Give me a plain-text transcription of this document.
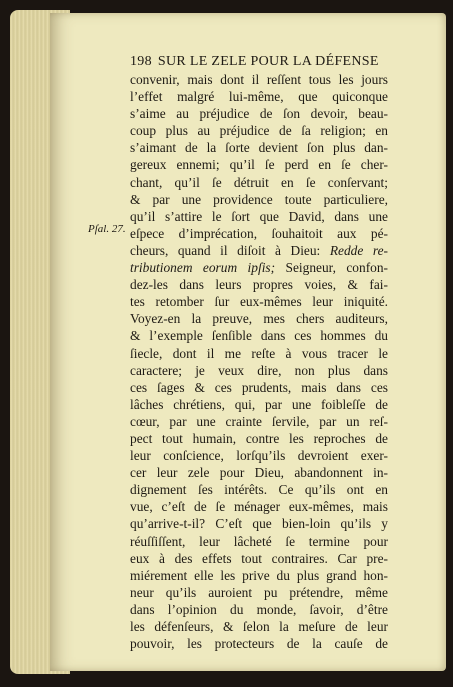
198 SUR LE ZELE POUR LA DÉFENSE
Pſal. 27.
convenir, mais dont il reſſent tous les jours
l’effet malgré lui-même, que quiconque
s’aime au préjudice de ſon devoir, beau-
coup plus au préjudice de ſa religion; en
s’aimant de la ſorte devient ſon plus dan-
gereux ennemi; qu’il ſe perd en ſe cher-
chant, qu’il ſe détruit en ſe conſervant;
& par une providence toute particuliere,
qu’il s’attire le ſort que David, dans une
eſpece d’imprécation, ſouhaitoit aux pé-
cheurs, quand il diſoit à Dieu: Redde re-
tributionem eorum ipſis; Seigneur, confon-
dez-les dans leurs propres voies, & fai-
tes retomber ſur eux-mêmes leur iniquité.
Voyez-en la preuve, mes chers auditeurs,
& l’exemple ſenſible dans ces hommes du
ſiecle, dont il me reſte à vous tracer le
caractere; je veux dire, non plus dans
ces ſages & ces prudents, mais dans ces
lâches chrétiens, qui, par une foibleſſe de
cœur, par une crainte ſervile, par un reſ-
pect tout humain, contre les reproches de
leur conſcience, lorſqu’ils devroient exer-
cer leur zele pour Dieu, abandonnent in-
dignement ſes intérêts. Ce qu’ils ont en
vue, c’eſt de ſe ménager eux-mêmes, mais
qu’arrive-t-il? C’eſt que bien-loin qu’ils y
réuſſiſſent, leur lâcheté ſe termine pour
eux à des effets tout contraires. Car pre-
miérement elle les prive du plus grand hon-
neur qu’ils auroient pu prétendre, même
dans l’opinion du monde, ſavoir, d’être
les défenſeurs, & ſelon la meſure de leur
pouvoir, les protecteurs de la cauſe de
